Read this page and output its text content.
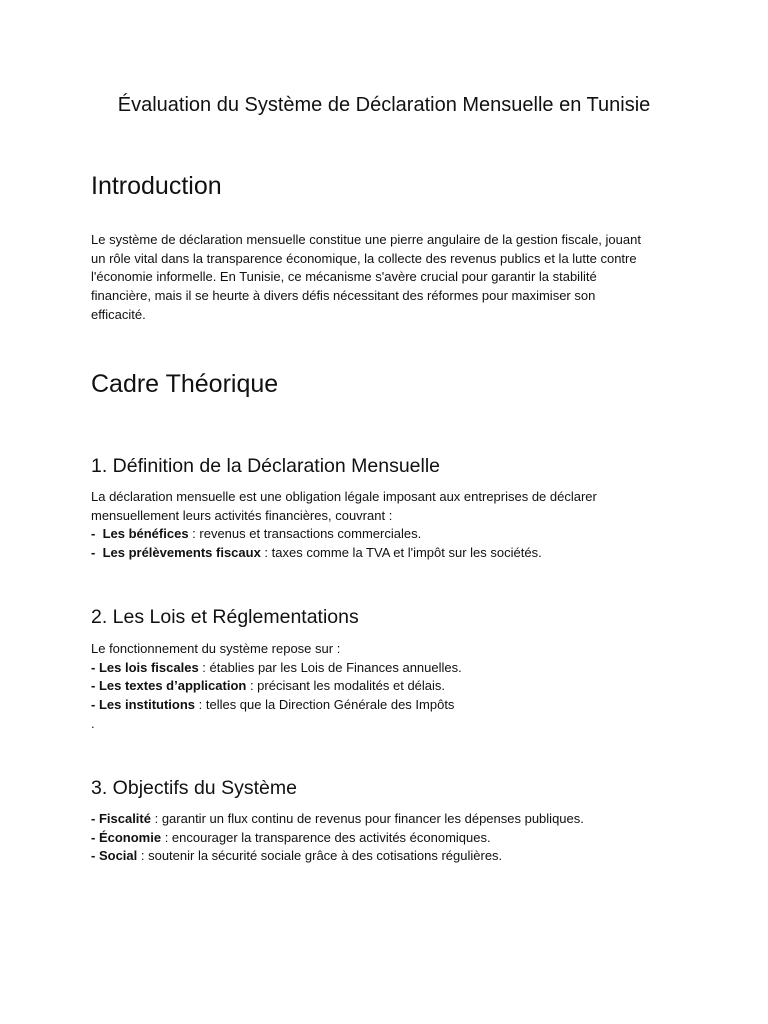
Évaluation du Système de Déclaration Mensuelle en Tunisie
Introduction
Le système de déclaration mensuelle constitue une pierre angulaire de la gestion fiscale, jouant
un rôle vital dans la transparence économique, la collecte des revenus publics et la lutte contre
l'économie informelle. En Tunisie, ce mécanisme s'avère crucial pour garantir la stabilité
financière, mais il se heurte à divers défis nécessitant des réformes pour maximiser son
efficacité.
Cadre Théorique
1. Définition de la Déclaration Mensuelle
La déclaration mensuelle est une obligation légale imposant aux entreprises de déclarer
mensuellement leurs activités financières, couvrant :
-  Les bénéfices : revenus et transactions commerciales.
-  Les prélèvements fiscaux : taxes comme la TVA et l'impôt sur les sociétés.
2. Les Lois et Réglementations
Le fonctionnement du système repose sur :
- Les lois fiscales : établies par les Lois de Finances annuelles.
- Les textes d’application : précisant les modalités et délais.
- Les institutions : telles que la Direction Générale des Impôts
.
3. Objectifs du Système
- Fiscalité : garantir un flux continu de revenus pour financer les dépenses publiques.
- Économie : encourager la transparence des activités économiques.
- Social : soutenir la sécurité sociale grâce à des cotisations régulières.
